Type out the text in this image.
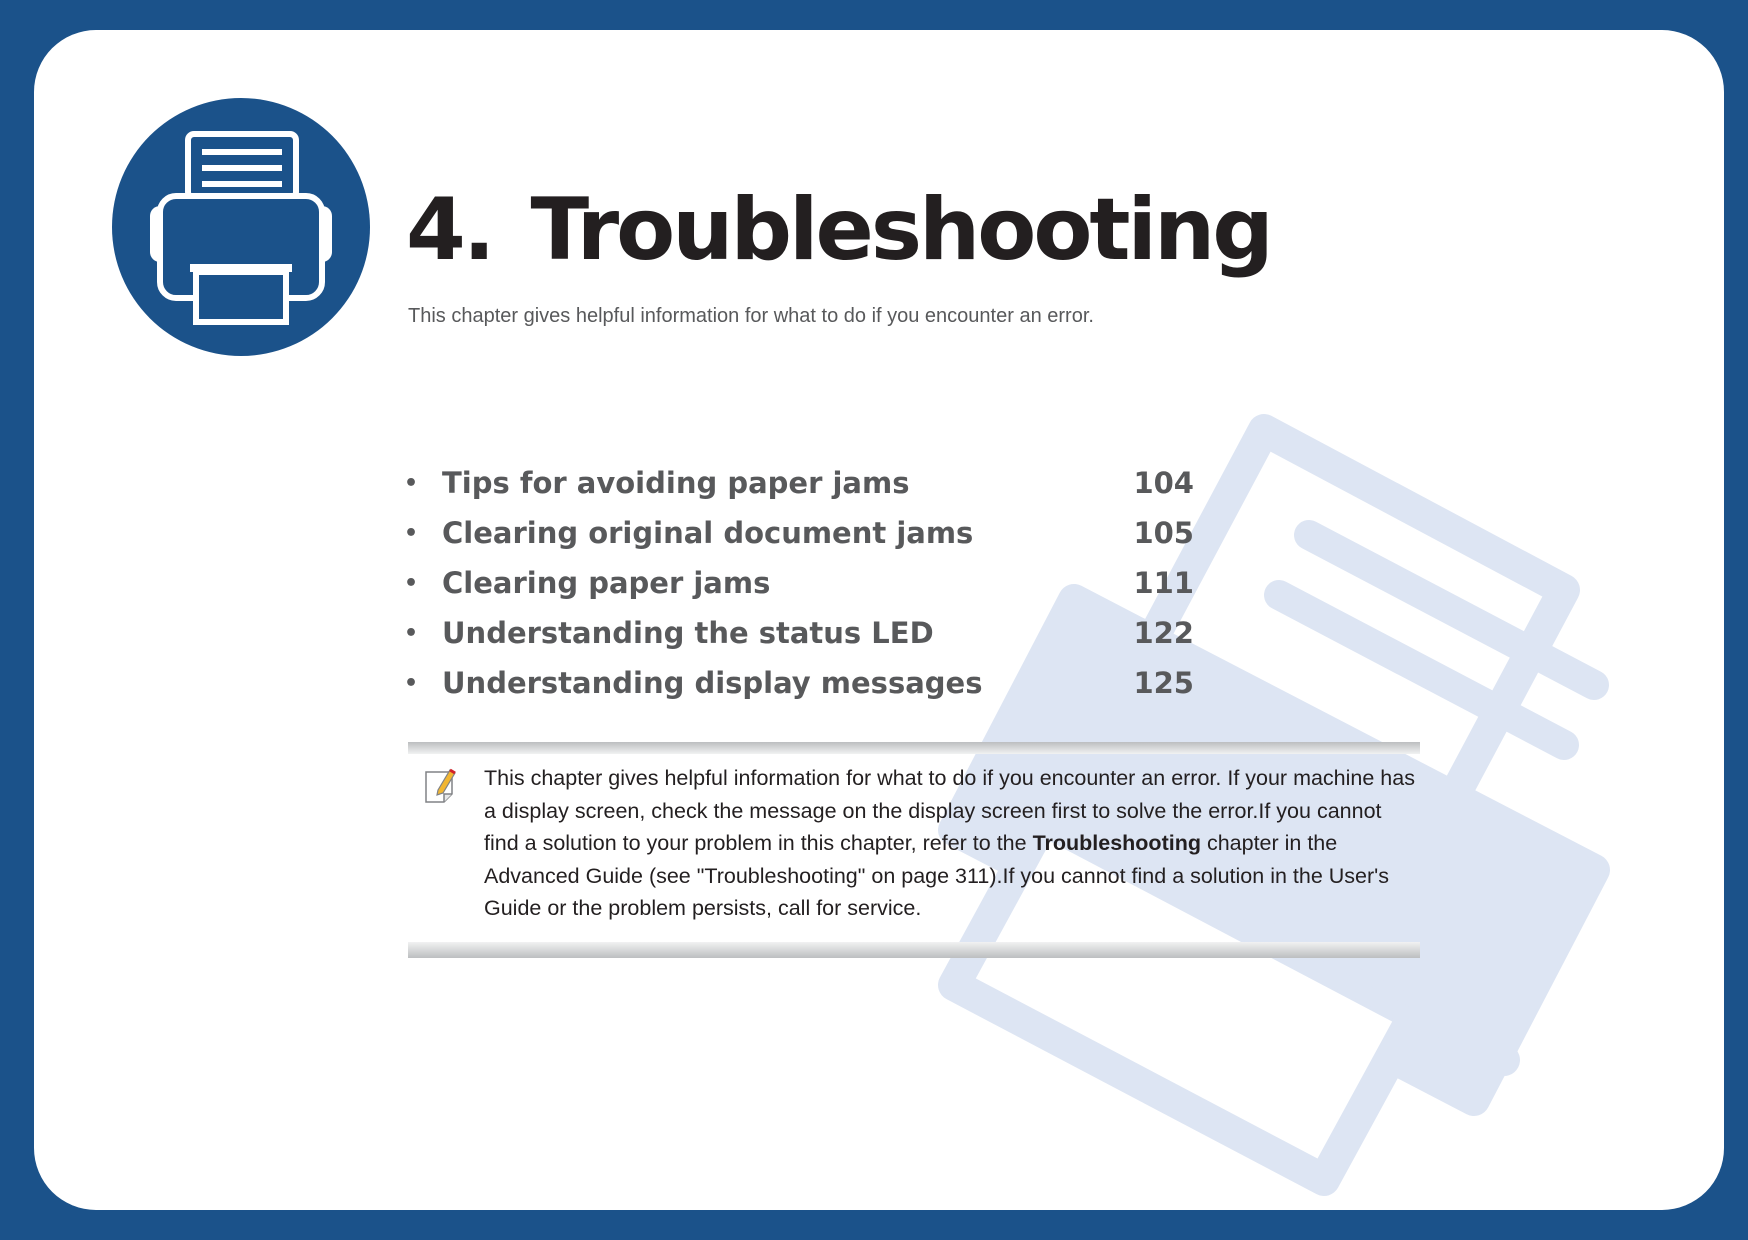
4. Troubleshooting

This chapter gives helpful information for what to do if you encounter an error.

• Tips for avoiding paper jams	104
• Clearing original document jams	105
• Clearing paper jams	111
• Understanding the status LED	122
• Understanding display messages	125

This chapter gives helpful information for what to do if you encounter an error. If your machine has a display screen, check the message on the display screen first to solve the error.If you cannot find a solution to your problem in this chapter, refer to the Troubleshooting chapter in the Advanced Guide (see "Troubleshooting" on page 311).If you cannot find a solution in the User's Guide or the problem persists, call for service.
